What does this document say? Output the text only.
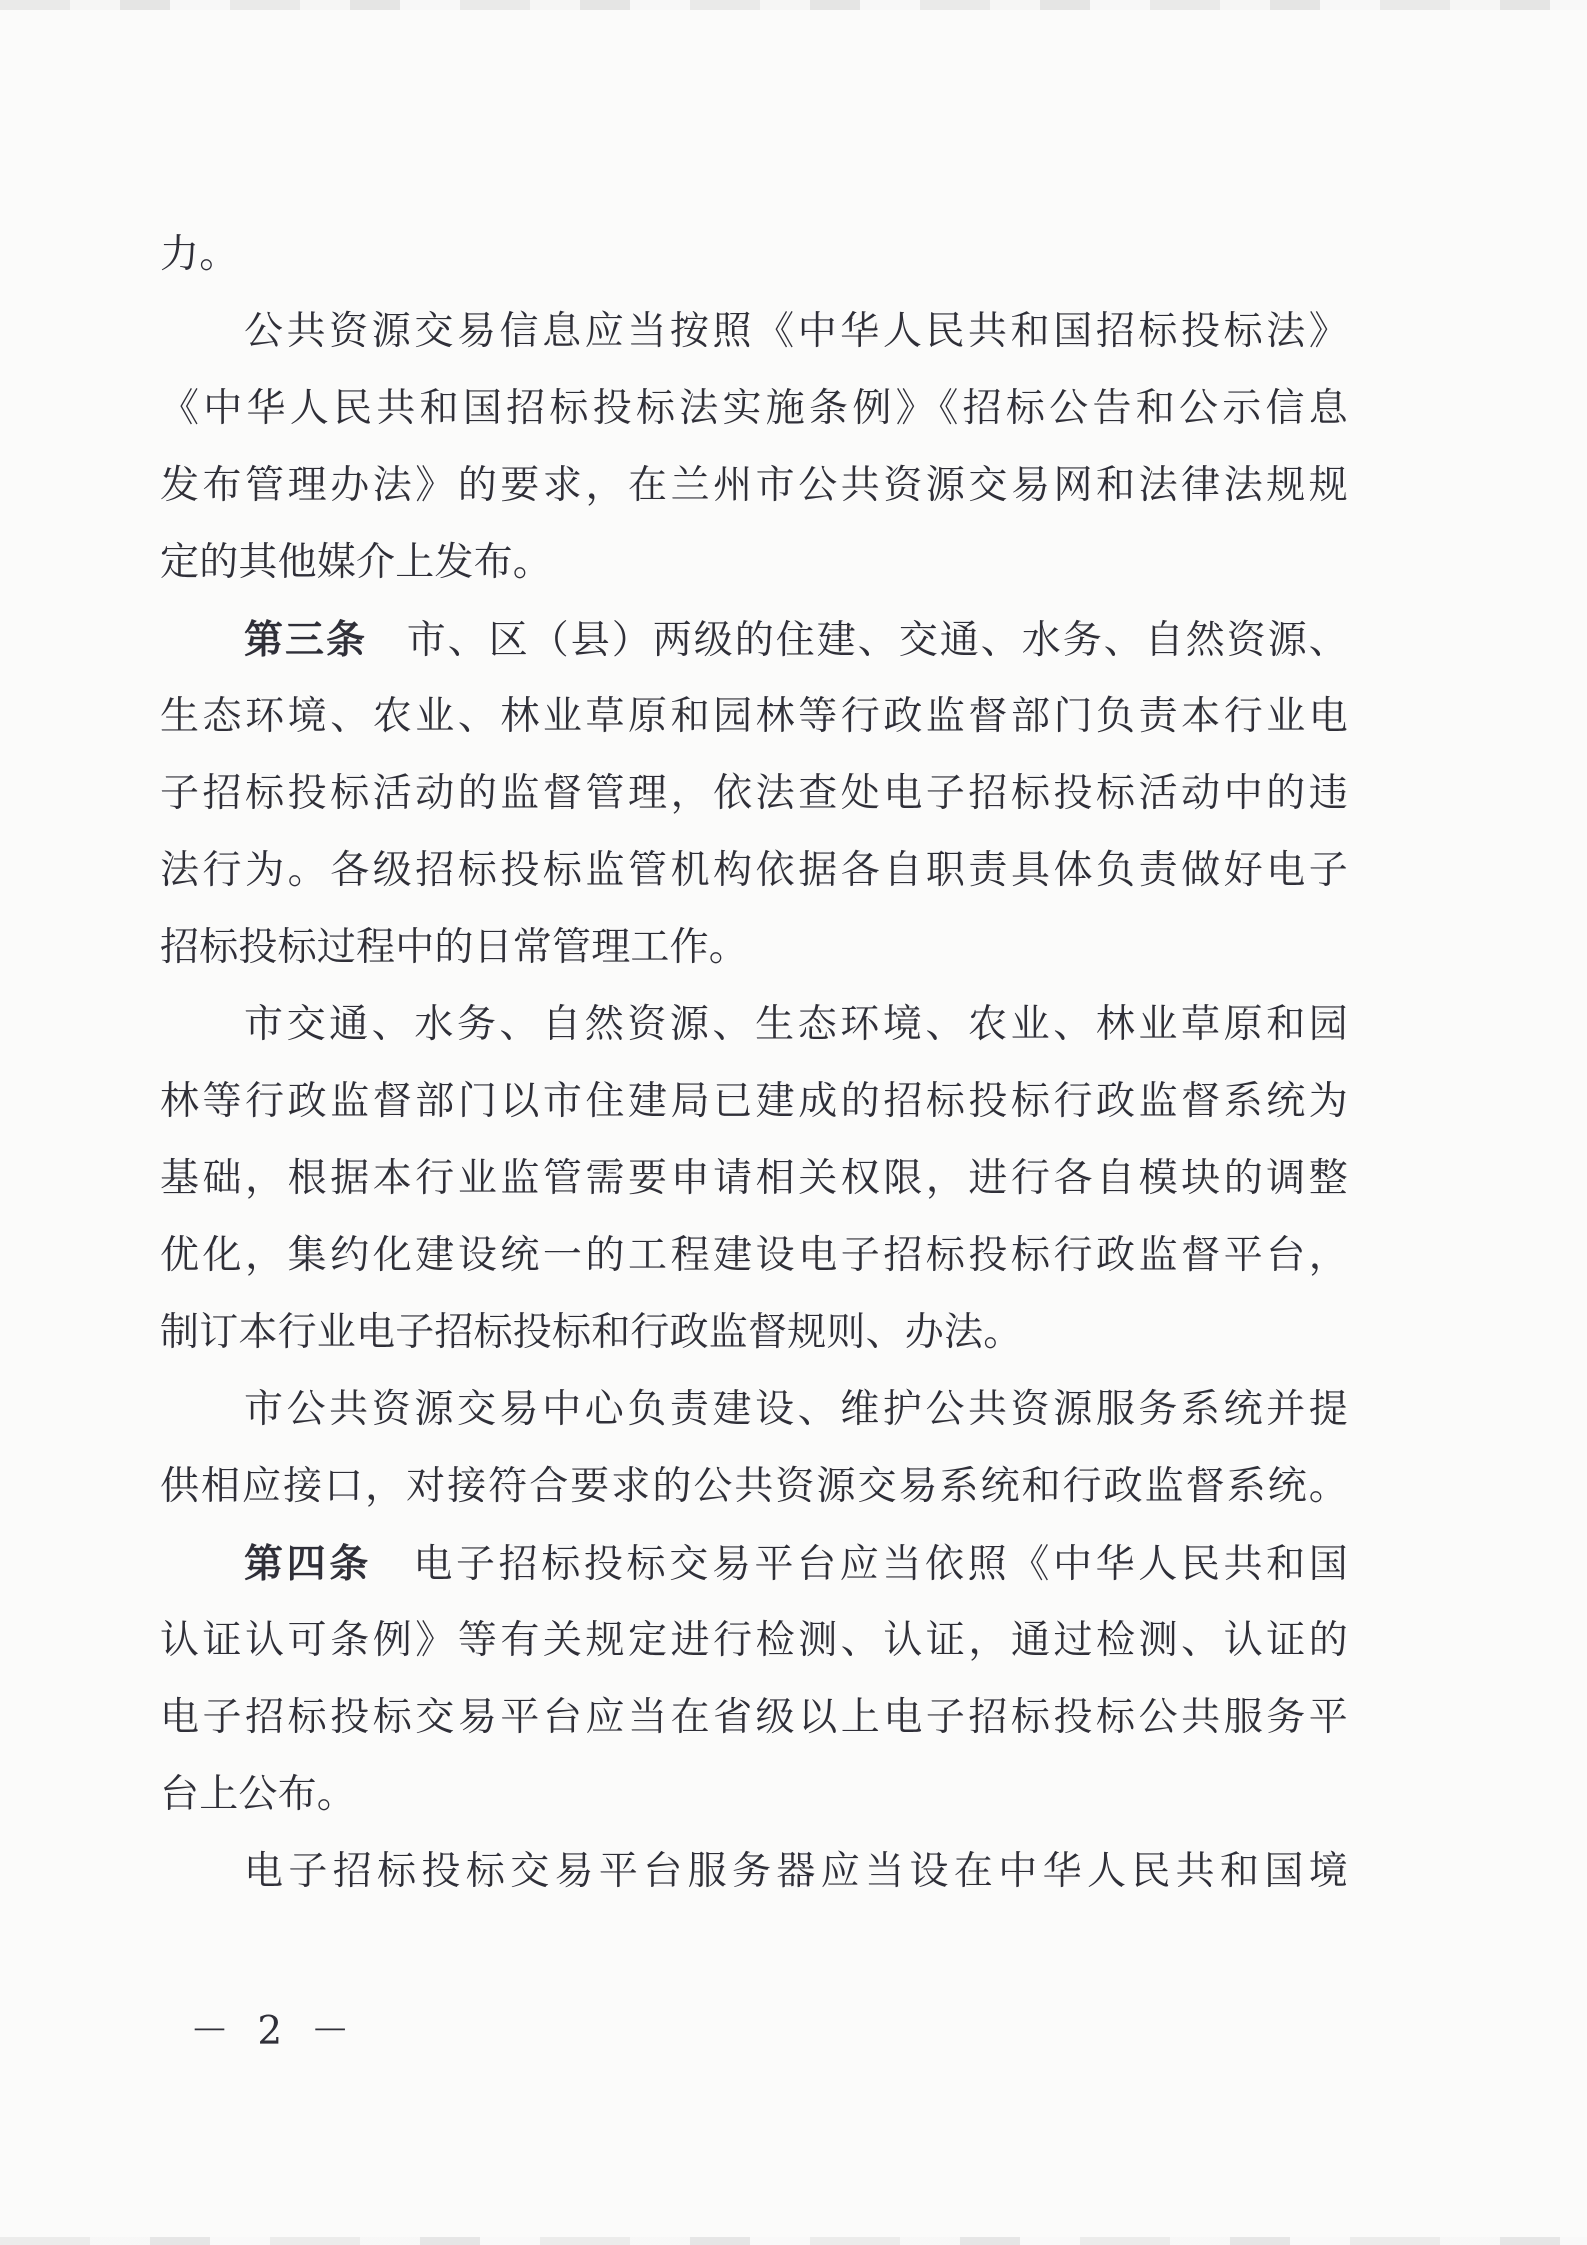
力。
公共资源交易信息应当按照《中华人民共和国招标投标法》
《中华人民共和国招标投标法实施条例》《招标公告和公示信息
发布管理办法》的要求，在兰州市公共资源交易网和法律法规规
定的其他媒介上发布。
第三条 市、区（县）两级的住建、交通、水务、自然资源、
生态环境、农业、林业草原和园林等行政监督部门负责本行业电
子招标投标活动的监督管理，依法查处电子招标投标活动中的违
法行为。各级招标投标监管机构依据各自职责具体负责做好电子
招标投标过程中的日常管理工作。
市交通、水务、自然资源、生态环境、农业、林业草原和园
林等行政监督部门以市住建局已建成的招标投标行政监督系统为
基础，根据本行业监管需要申请相关权限，进行各自模块的调整
优化，集约化建设统一的工程建设电子招标投标行政监督平台，
制订本行业电子招标投标和行政监督规则、办法。
市公共资源交易中心负责建设、维护公共资源服务系统并提
供相应接口，对接符合要求的公共资源交易系统和行政监督系统。
第四条 电子招标投标交易平台应当依照《中华人民共和国
认证认可条例》等有关规定进行检测、认证，通过检测、认证的
电子招标投标交易平台应当在省级以上电子招标投标公共服务平
台上公布。
电子招标投标交易平台服务器应当设在中华人民共和国境
－ 2 －
